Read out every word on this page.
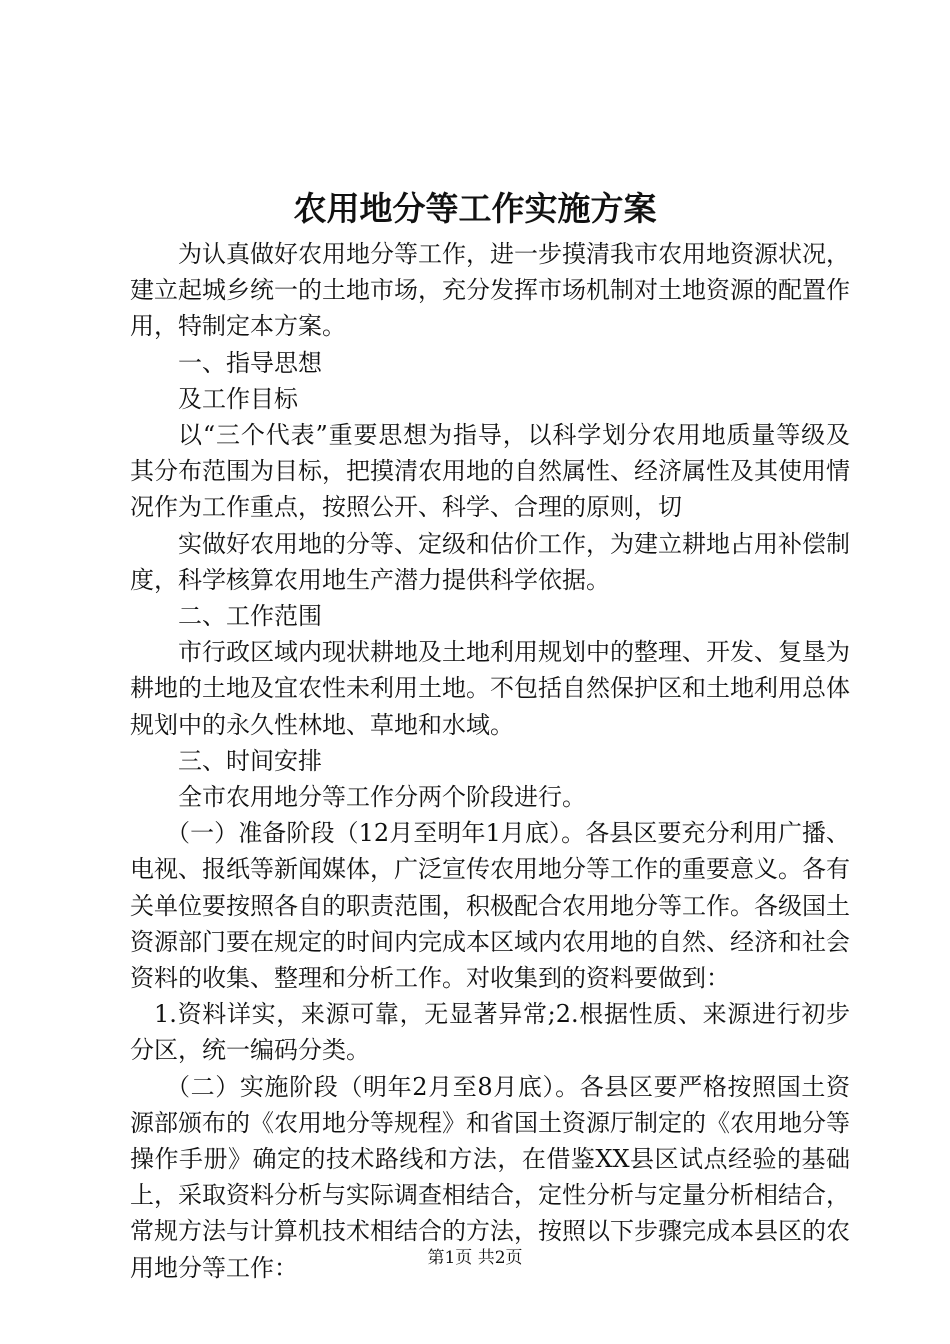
农用地分等工作实施方案

为认真做好农用地分等工作，进一步摸清我市农用地资源状况，建立起城乡统一的土地市场，充分发挥市场机制对土地资源的配置作用，特制定本方案。

一、指导思想

及工作目标

以“三个代表”重要思想为指导，以科学划分农用地质量等级及其分布范围为目标，把摸清农用地的自然属性、经济属性及其使用情况作为工作重点，按照公开、科学、合理的原则，切

实做好农用地的分等、定级和估价工作，为建立耕地占用补偿制度，科学核算农用地生产潜力提供科学依据。

二、工作范围

市行政区域内现状耕地及土地利用规划中的整理、开发、复垦为耕地的土地及宜农性未利用土地。不包括自然保护区和土地利用总体规划中的永久性林地、草地和水域。

三、时间安排

全市农用地分等工作分两个阶段进行。

（一）准备阶段（12月至明年1月底）。各县区要充分利用广播、电视、报纸等新闻媒体，广泛宣传农用地分等工作的重要意义。各有关单位要按照各自的职责范围，积极配合农用地分等工作。各级国土资源部门要在规定的时间内完成本区域内农用地的自然、经济和社会资料的收集、整理和分析工作。对收集到的资料要做到：

1.资料详实，来源可靠，无显著异常;2.根据性质、来源进行初步分区，统一编码分类。

（二）实施阶段（明年2月至8月底）。各县区要严格按照国土资源部颁布的《农用地分等规程》和省国土资源厅制定的《农用地分等操作手册》确定的技术路线和方法，在借鉴XX县区试点经验的基础上，采取资料分析与实际调查相结合，定性分析与定量分析相结合，常规方法与计算机技术相结合的方法，按照以下步骤完成本县区的农用地分等工作：	第1页 共2页
